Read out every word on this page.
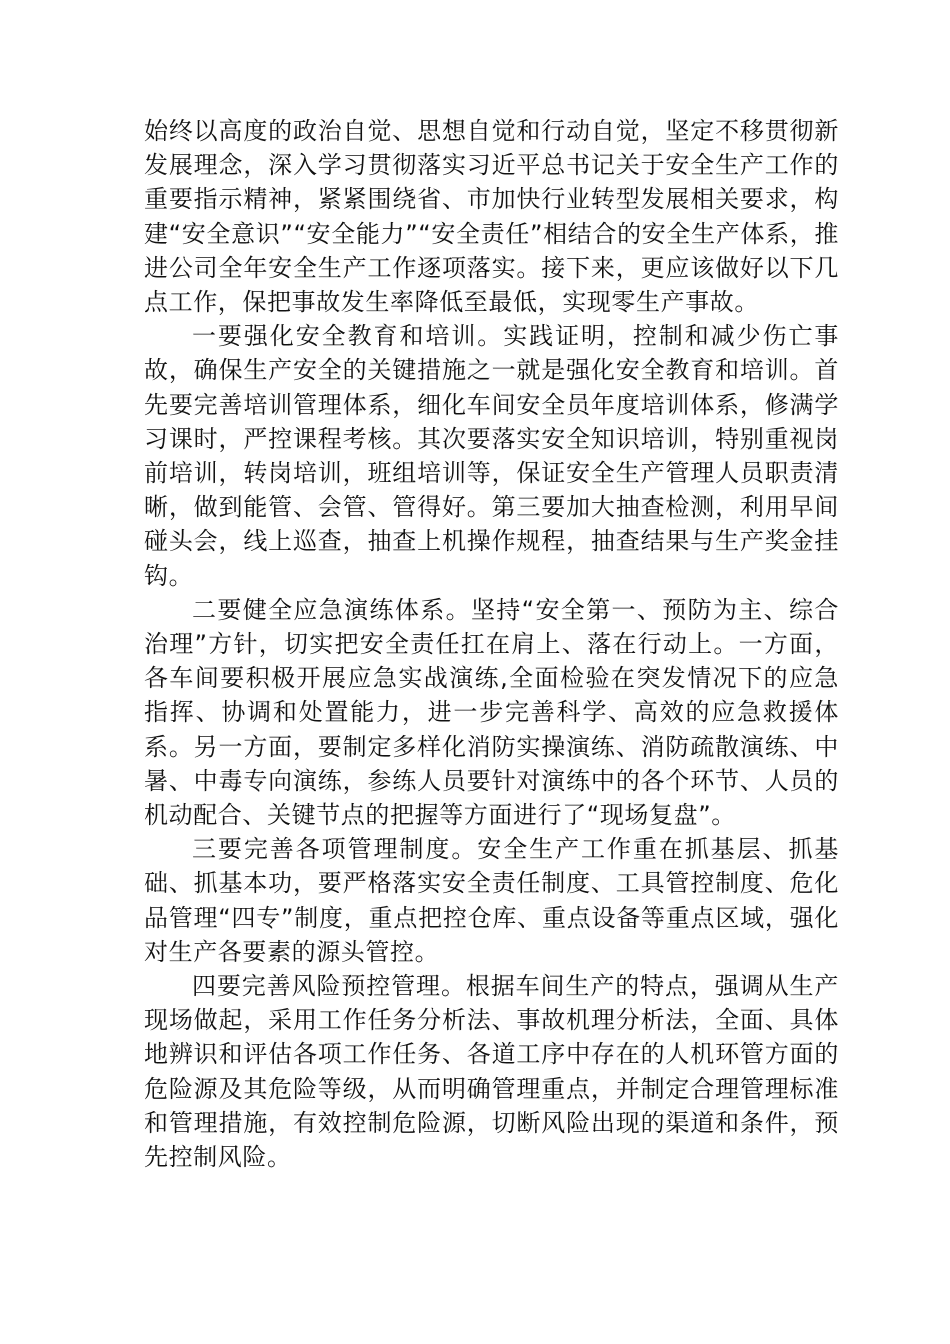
始终以高度的政治自觉、思想自觉和行动自觉，坚定不移贯彻新发展理念，深入学习贯彻落实习近平总书记关于安全生产工作的重要指示精神，紧紧围绕省、市加快行业转型发展相关要求，构建“安全意识”“安全能力”“安全责任”相结合的安全生产体系，推进公司全年安全生产工作逐项落实。接下来，更应该做好以下几点工作，保把事故发生率降低至最低，实现零生产事故。

一要强化安全教育和培训。实践证明，控制和减少伤亡事故，确保生产安全的关键措施之一就是强化安全教育和培训。首先要完善培训管理体系，细化车间安全员年度培训体系，修满学习课时，严控课程考核。其次要落实安全知识培训，特别重视岗前培训，转岗培训，班组培训等，保证安全生产管理人员职责清晰，做到能管、会管、管得好。第三要加大抽查检测，利用早间碰头会，线上巡查，抽查上机操作规程，抽查结果与生产奖金挂钩。

二要健全应急演练体系。坚持“安全第一、预防为主、综合治理”方针，切实把安全责任扛在肩上、落在行动上。一方面，各车间要积极开展应急实战演练,全面检验在突发情况下的应急指挥、协调和处置能力，进一步完善科学、高效的应急救援体系。另一方面，要制定多样化消防实操演练、消防疏散演练、中暑、中毒专向演练，参练人员要针对演练中的各个环节、人员的机动配合、关键节点的把握等方面进行了“现场复盘”。

三要完善各项管理制度。安全生产工作重在抓基层、抓基础、抓基本功，要严格落实安全责任制度、工具管控制度、危化品管理“四专”制度，重点把控仓库、重点设备等重点区域，强化对生产各要素的源头管控。

四要完善风险预控管理。根据车间生产的特点，强调从生产现场做起，采用工作任务分析法、事故机理分析法，全面、具体地辨识和评估各项工作任务、各道工序中存在的人机环管方面的危险源及其危险等级，从而明确管理重点，并制定合理管理标准和管理措施，有效控制危险源，切断风险出现的渠道和条件，预先控制风险。
